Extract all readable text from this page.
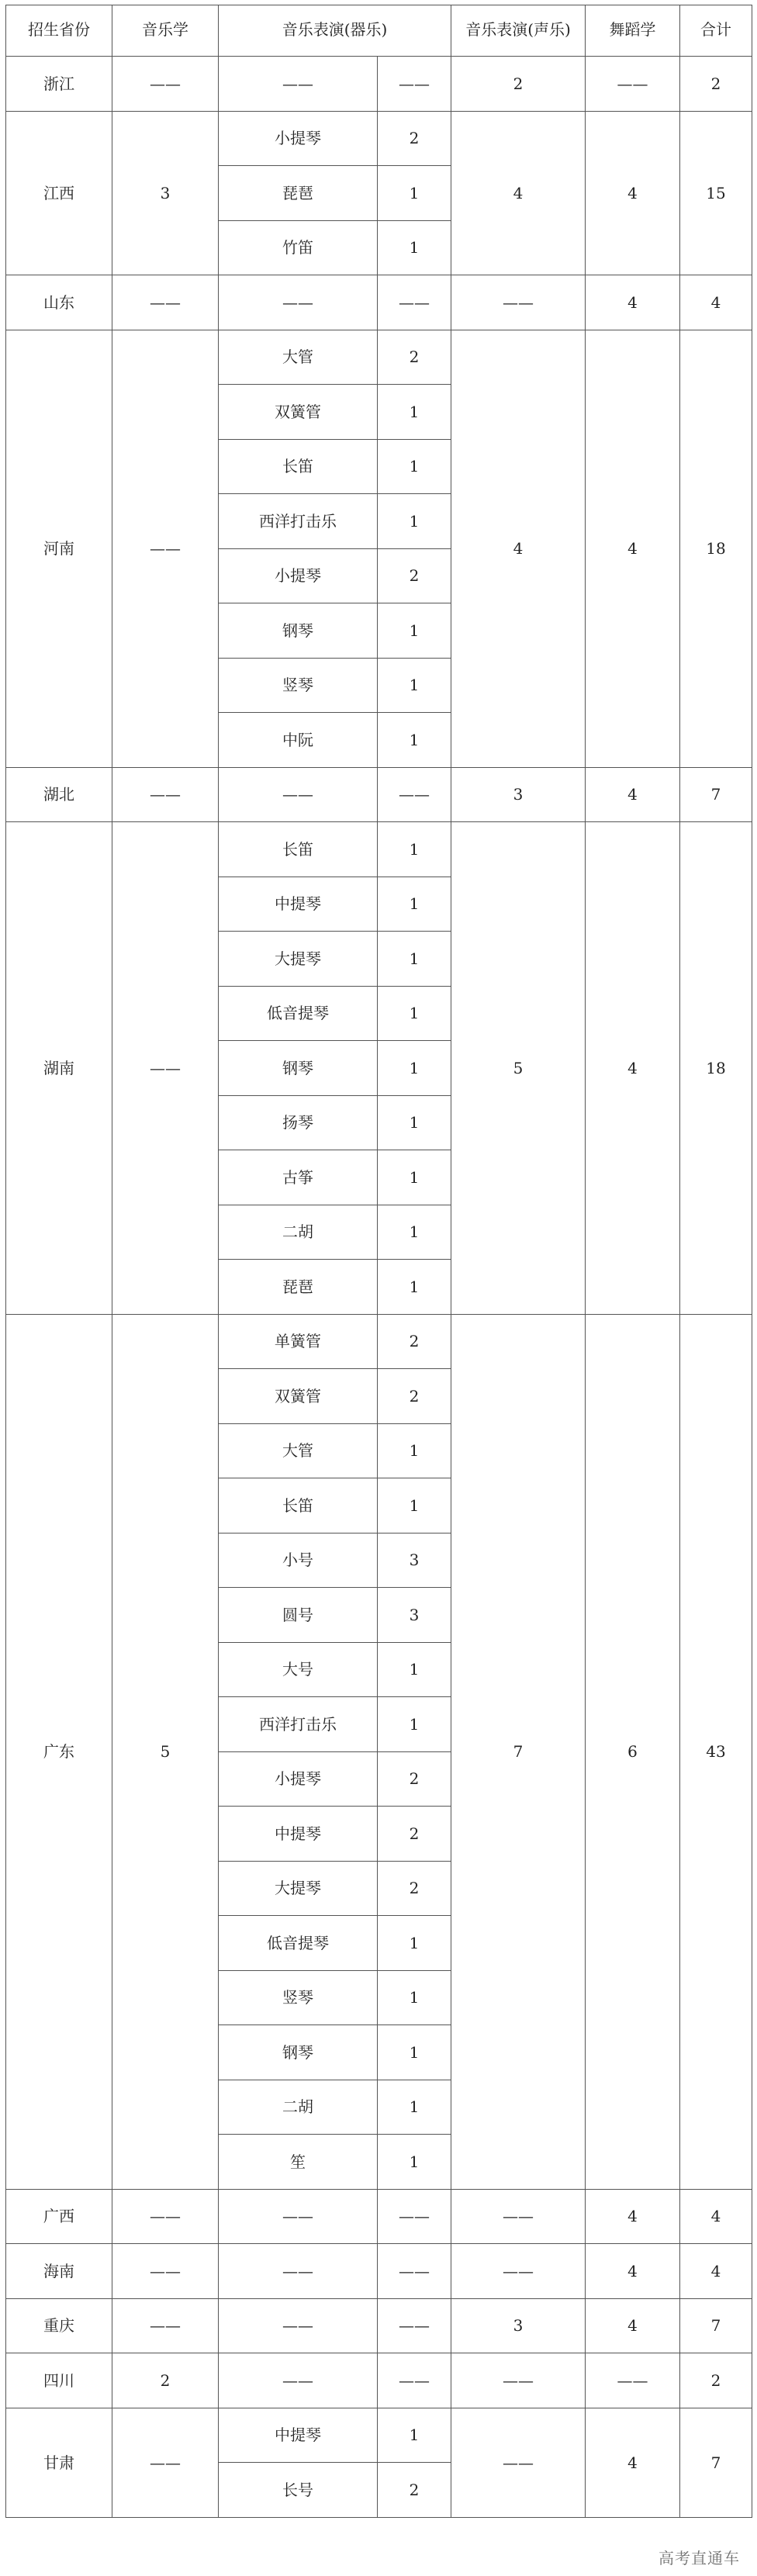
招生省份	音乐学	音乐表演(器乐)		音乐表演(声乐)	舞蹈学	合计
浙江	——	——	——	2	——	2
江西	3	小提琴	2	4	4	15
		琵琶	1			
		竹笛	1			
山东	——	——	——	——	4	4
河南	——	大管	2	4	4	18
		双簧管	1			
		长笛	1			
		西洋打击乐	1			
		小提琴	2			
		钢琴	1			
		竖琴	1			
		中阮	1			
湖北	——	——	——	3	4	7
湖南	——	长笛	1	5	4	18
		中提琴	1			
		大提琴	1			
		低音提琴	1			
		钢琴	1			
		扬琴	1			
		古筝	1			
		二胡	1			
		琵琶	1			
广东	5	单簧管	2	7	6	43
		双簧管	2			
		大管	1			
		长笛	1			
		小号	3			
		圆号	3			
		大号	1			
		西洋打击乐	1			
		小提琴	2			
		中提琴	2			
		大提琴	2			
		低音提琴	1			
		竖琴	1			
		钢琴	1			
		二胡	1			
		笙	1			
广西	——	——	——	——	4	4
海南	——	——	——	——	4	4
重庆	——	——	——	3	4	7
四川	2	——	——	——	——	2
甘肃	——	中提琴	1	——	4	7
		长号	2			
高考直通车
